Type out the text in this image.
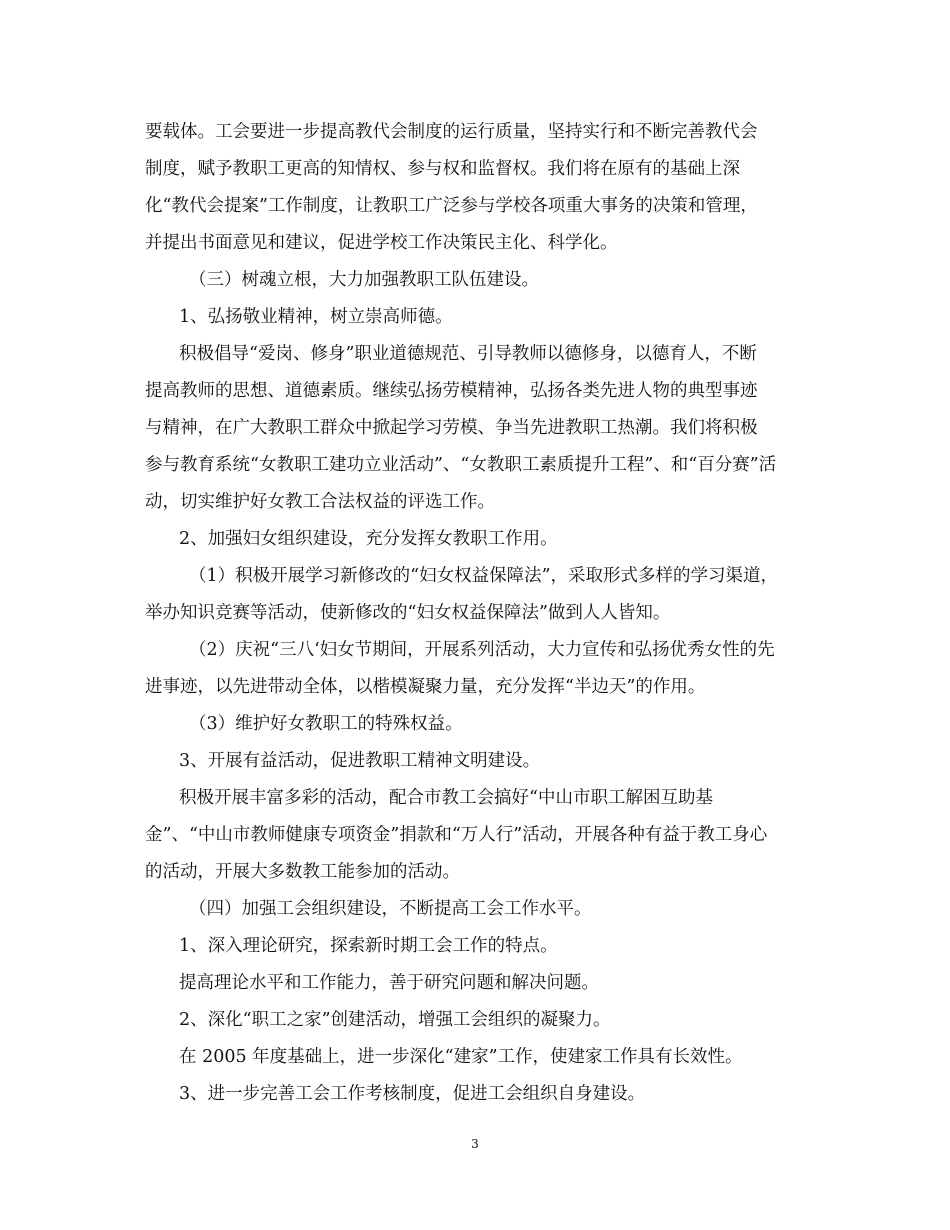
要载体。工会要进一步提高教代会制度的运行质量，坚持实行和不断完善教代会
制度，赋予教职工更高的知情权、参与权和监督权。我们将在原有的基础上深
化“教代会提案”工作制度，让教职工广泛参与学校各项重大事务的决策和管理，
并提出书面意见和建议，促进学校工作决策民主化、科学化。
（三）树魂立根，大力加强教职工队伍建设。
1、弘扬敬业精神，树立崇高师德。
积极倡导“爱岗、修身”职业道德规范、引导教师以德修身，以德育人，不断
提高教师的思想、道德素质。继续弘扬劳模精神，弘扬各类先进人物的典型事迹
与精神，在广大教职工群众中掀起学习劳模、争当先进教职工热潮。我们将积极
参与教育系统“女教职工建功立业活动”、“女教职工素质提升工程”、和“百分赛”活
动，切实维护好女教工合法权益的评选工作。
2、加强妇女组织建设，充分发挥女教职工作用。
（1）积极开展学习新修改的“妇女权益保障法”，采取形式多样的学习渠道，
举办知识竞赛等活动，使新修改的“妇女权益保障法”做到人人皆知。
（2）庆祝“三八‘妇女节期间，开展系列活动，大力宣传和弘扬优秀女性的先
进事迹，以先进带动全体，以楷模凝聚力量，充分发挥“半边天”的作用。
（3）维护好女教职工的特殊权益。
3、开展有益活动，促进教职工精神文明建设。
积极开展丰富多彩的活动，配合市教工会搞好“中山市职工解困互助基
金”、“中山市教师健康专项资金”捐款和“万人行”活动，开展各种有益于教工身心
的活动，开展大多数教工能参加的活动。
（四）加强工会组织建设，不断提高工会工作水平。
1、深入理论研究，探索新时期工会工作的特点。
提高理论水平和工作能力，善于研究问题和解决问题。
2、深化“职工之家”创建活动，增强工会组织的凝聚力。
在 2005 年度基础上，进一步深化“建家”工作，使建家工作具有长效性。
3、进一步完善工会工作考核制度，促进工会组织自身建设。
3
